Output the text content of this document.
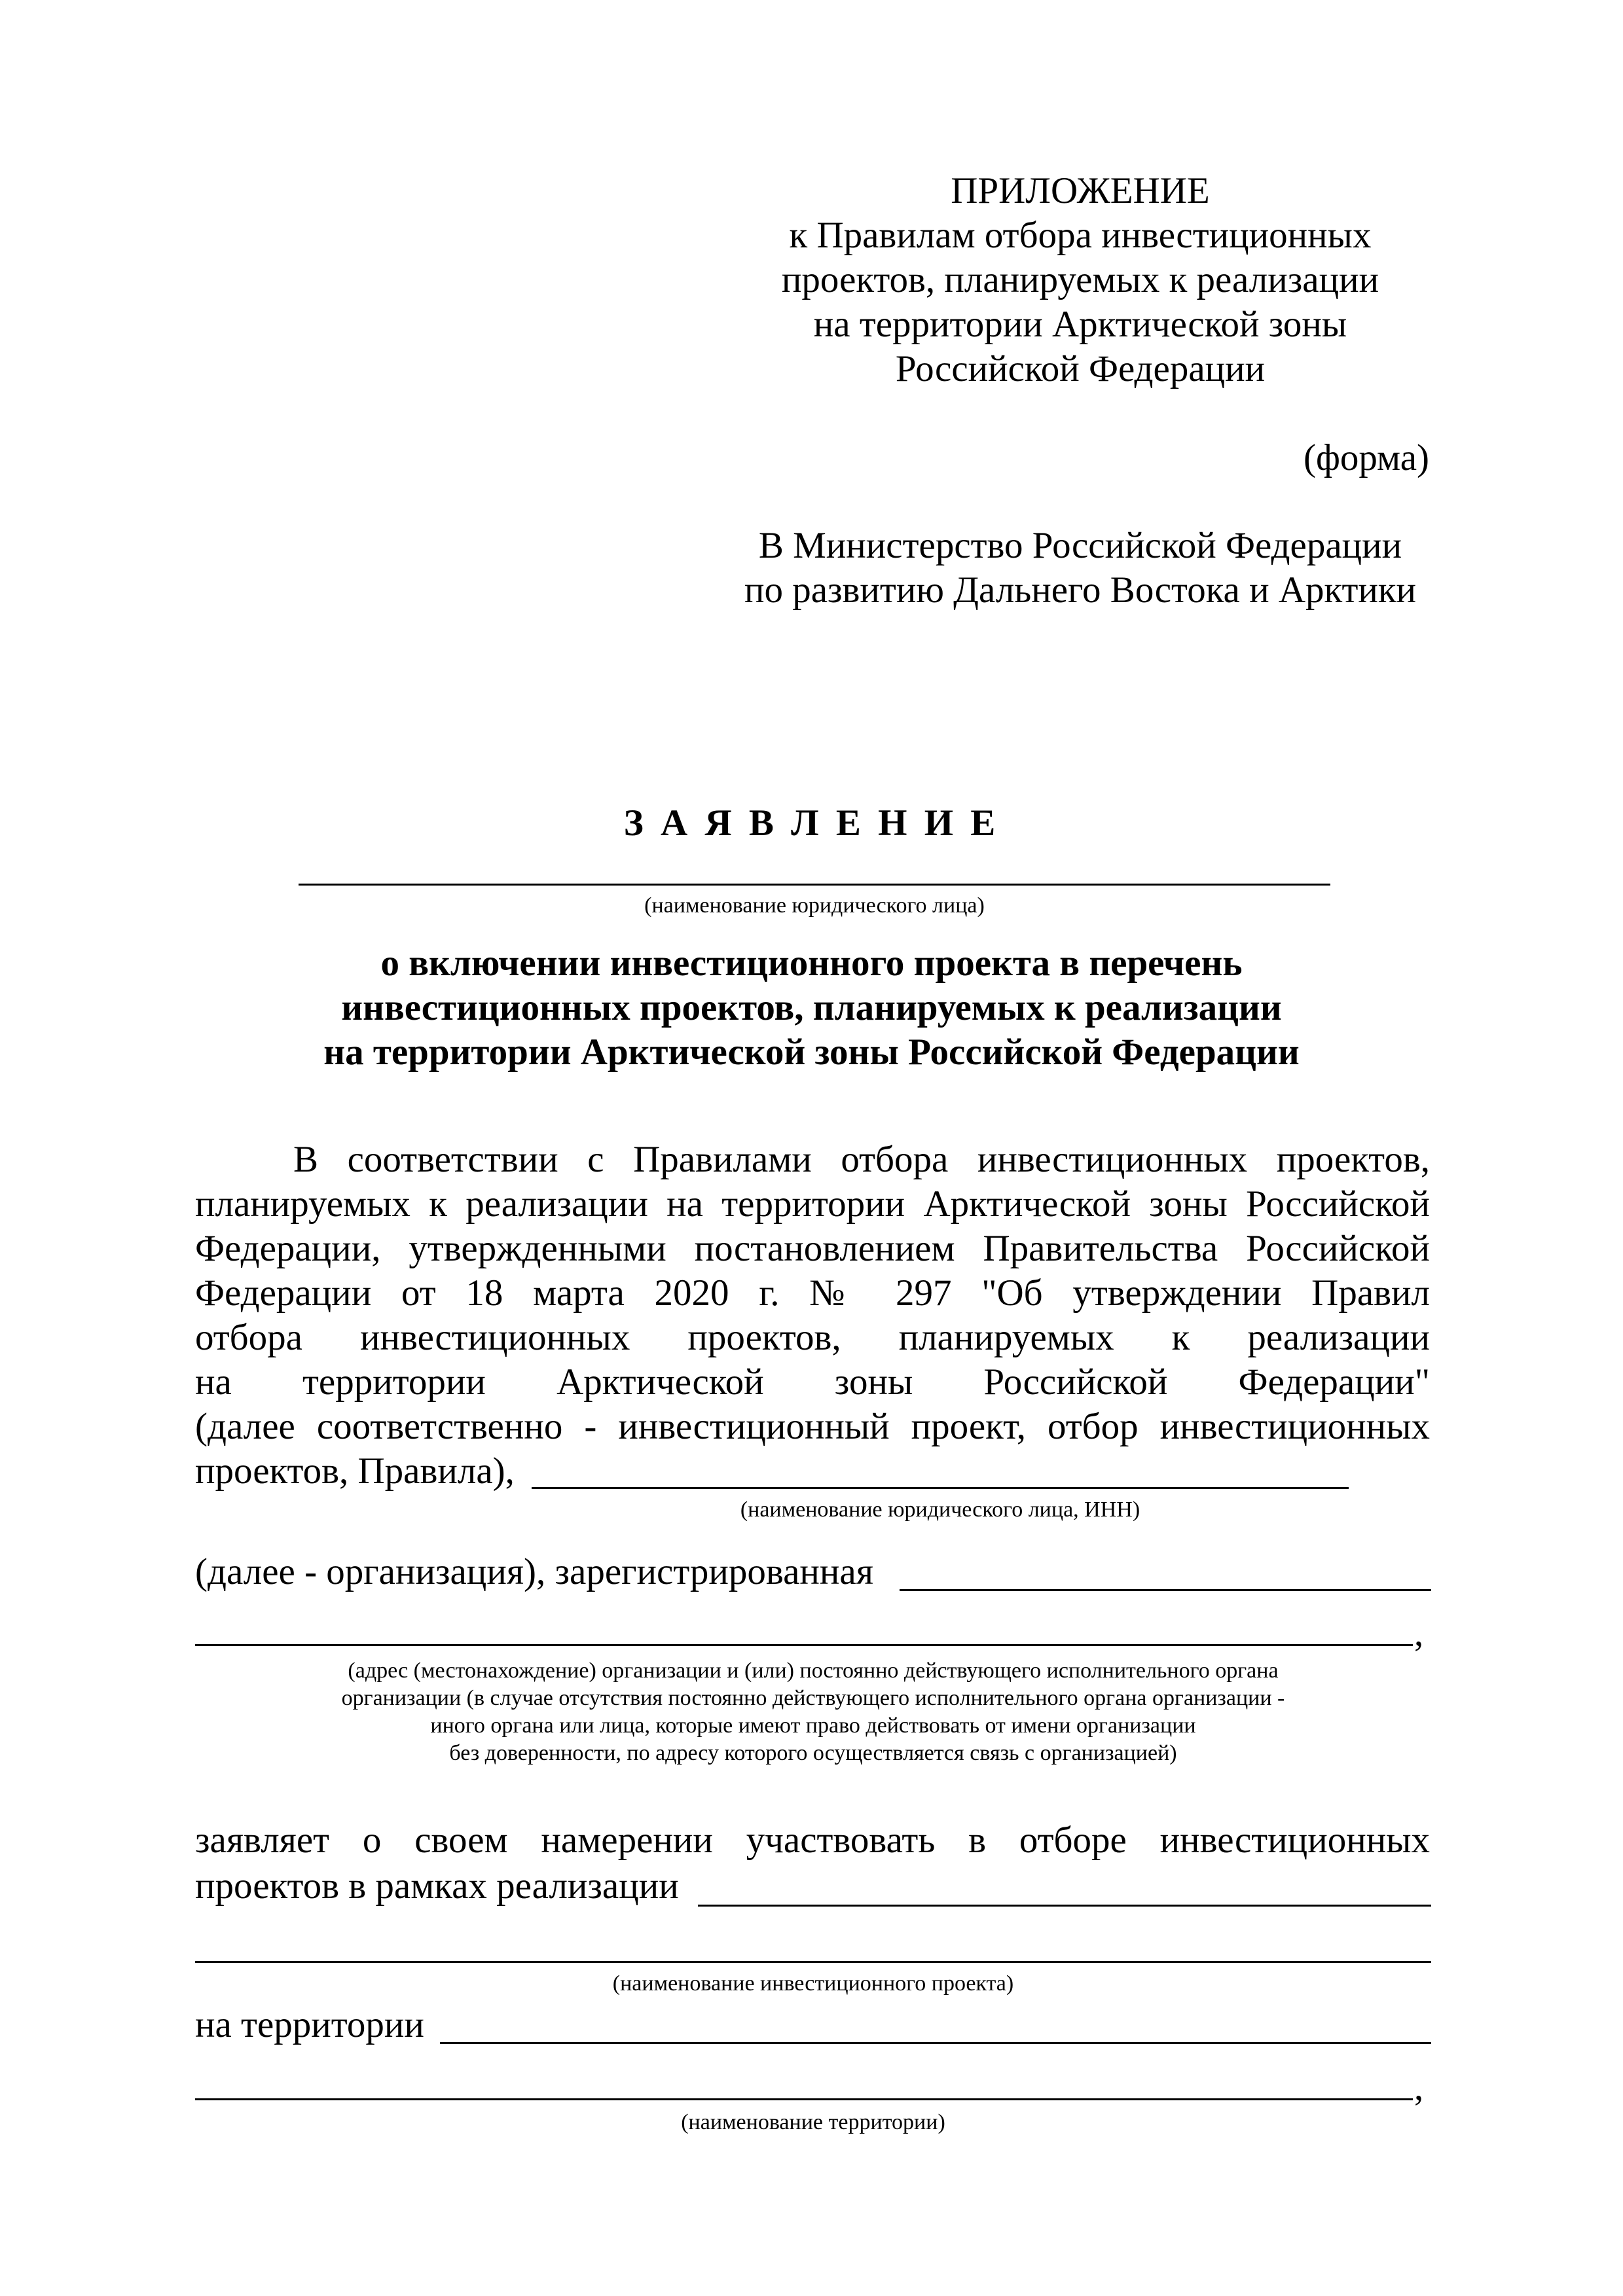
ПРИЛОЖЕНИЕ
к Правилам отбора инвестиционных
проектов, планируемых к реализации
на территории Арктической зоны
Российской Федерации
(форма)
В Министерство Российской Федерации
по развитию Дальнего Востока и Арктики
З А Я В Л Е Н И Е
(наименование юридического лица)
о включении инвестиционного проекта в перечень
инвестиционных проектов, планируемых к реализации
на территории Арктической зоны Российской Федерации
В соответствии с Правилами отбора инвестиционных проектов,
планируемых к реализации на территории Арктической зоны Российской
Федерации, утвержденными постановлением Правительства Российской
Федерации от 18 марта 2020 г. № 297 "Об утверждении Правил
отбора инвестиционных проектов, планируемых к реализации
на территории Арктической зоны Российской Федерации"
(далее соответственно - инвестиционный проект, отбор инвестиционных
проектов, Правила),
(наименование юридического лица, ИНН)
(далее - организация), зарегистрированная
,
(адрес (местонахождение) организации и (или) постоянно действующего исполнительного органа
организации (в случае отсутствия постоянно действующего исполнительного органа организации -
иного органа или лица, которые имеют право действовать от имени организации
без доверенности, по адресу которого осуществляется связь с организацией)
заявляет о своем намерении участвовать в отборе инвестиционных
проектов в рамках реализации
(наименование инвестиционного проекта)
на территории
,
(наименование территории)
